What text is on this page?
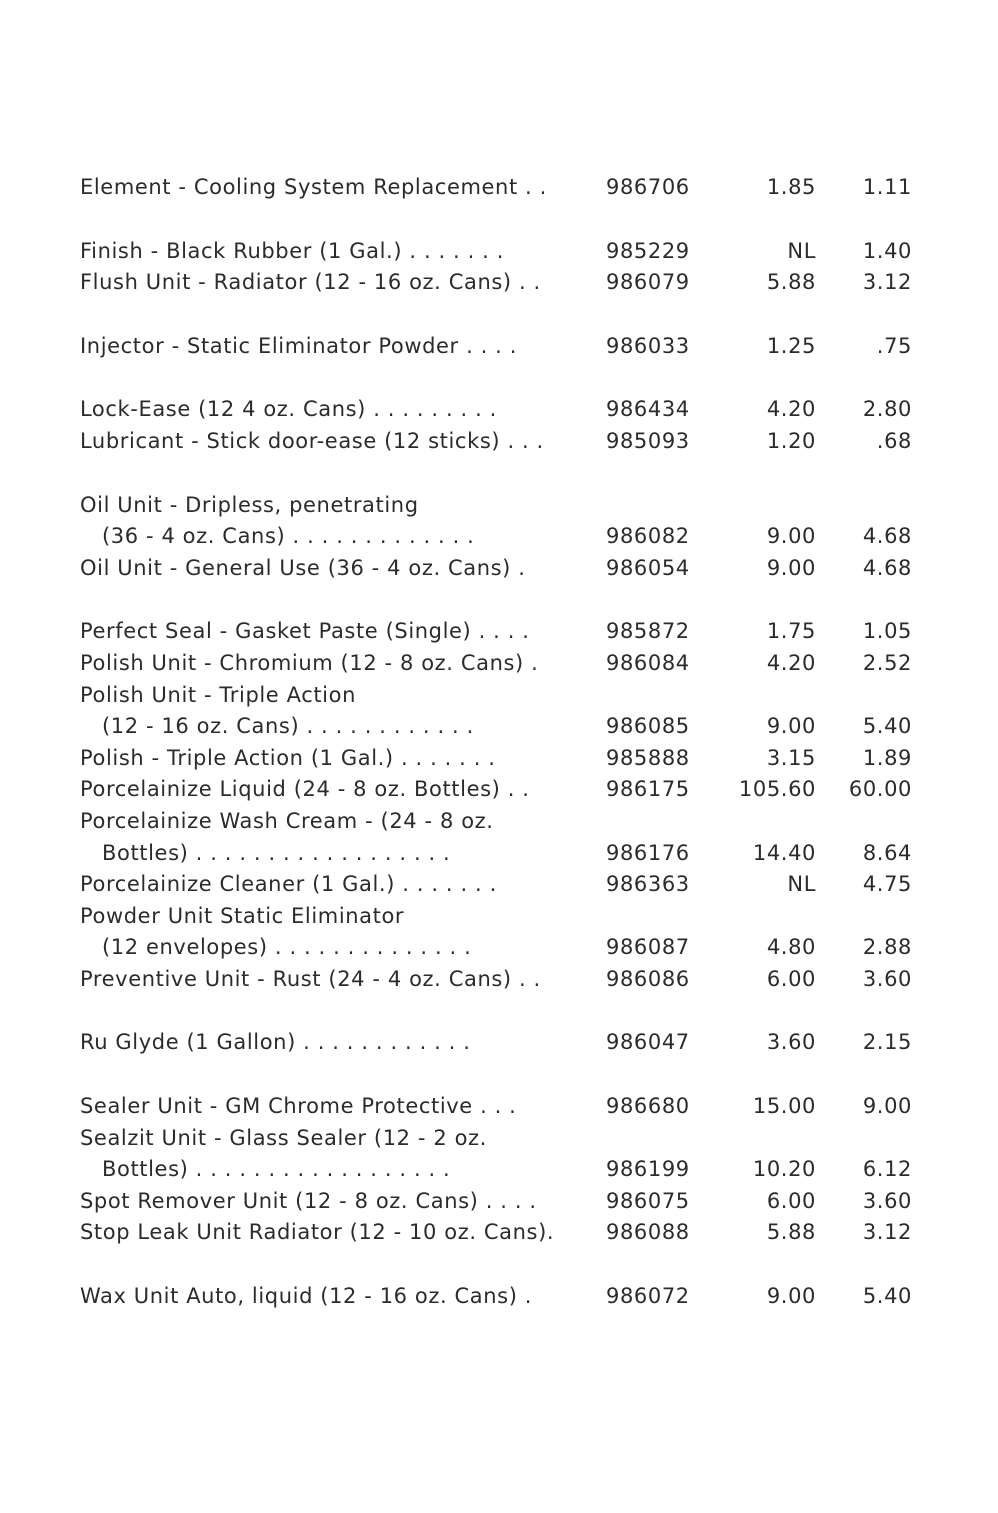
Element - Cooling System Replacement . .	986706	1.85	1.11
Finish - Black Rubber (1 Gal.) . . . . . . .	985229	NL	1.40
Flush Unit - Radiator (12 - 16 oz. Cans) . .	986079	5.88	3.12
Injector - Static Eliminator Powder . . . .	986033	1.25	.75
Lock-Ease (12 4 oz. Cans) . . . . . . . . .	986434	4.20	2.80
Lubricant - Stick door-ease (12 sticks) . . .	985093	1.20	.68
Oil Unit - Dripless, penetrating
(36 - 4 oz. Cans) . . . . . . . . . . . . .	986082	9.00	4.68
Oil Unit - General Use (36 - 4 oz. Cans) .	986054	9.00	4.68
Perfect Seal - Gasket Paste (Single) . . . .	985872	1.75	1.05
Polish Unit - Chromium (12 - 8 oz. Cans) .	986084	4.20	2.52
Polish Unit - Triple Action
(12 - 16 oz. Cans) . . . . . . . . . . . .	986085	9.00	5.40
Polish - Triple Action (1 Gal.) . . . . . . .	985888	3.15	1.89
Porcelainize Liquid (24 - 8 oz. Bottles) . .	986175	105.60	60.00
Porcelainize Wash Cream - (24 - 8 oz.
Bottles) . . . . . . . . . . . . . . . . . .	986176	14.40	8.64
Porcelainize Cleaner (1 Gal.) . . . . . . .	986363	NL	4.75
Powder Unit Static Eliminator
(12 envelopes) . . . . . . . . . . . . . .	986087	4.80	2.88
Preventive Unit - Rust (24 - 4 oz. Cans) . .	986086	6.00	3.60
Ru Glyde (1 Gallon) . . . . . . . . . . . .	986047	3.60	2.15
Sealer Unit - GM Chrome Protective . . .	986680	15.00	9.00
Sealzit Unit - Glass Sealer (12 - 2 oz.
Bottles) . . . . . . . . . . . . . . . . . .	986199	10.20	6.12
Spot Remover Unit (12 - 8 oz. Cans) . . . .	986075	6.00	3.60
Stop Leak Unit Radiator (12 - 10 oz. Cans).	986088	5.88	3.12
Wax Unit Auto, liquid (12 - 16 oz. Cans) .	986072	9.00	5.40
